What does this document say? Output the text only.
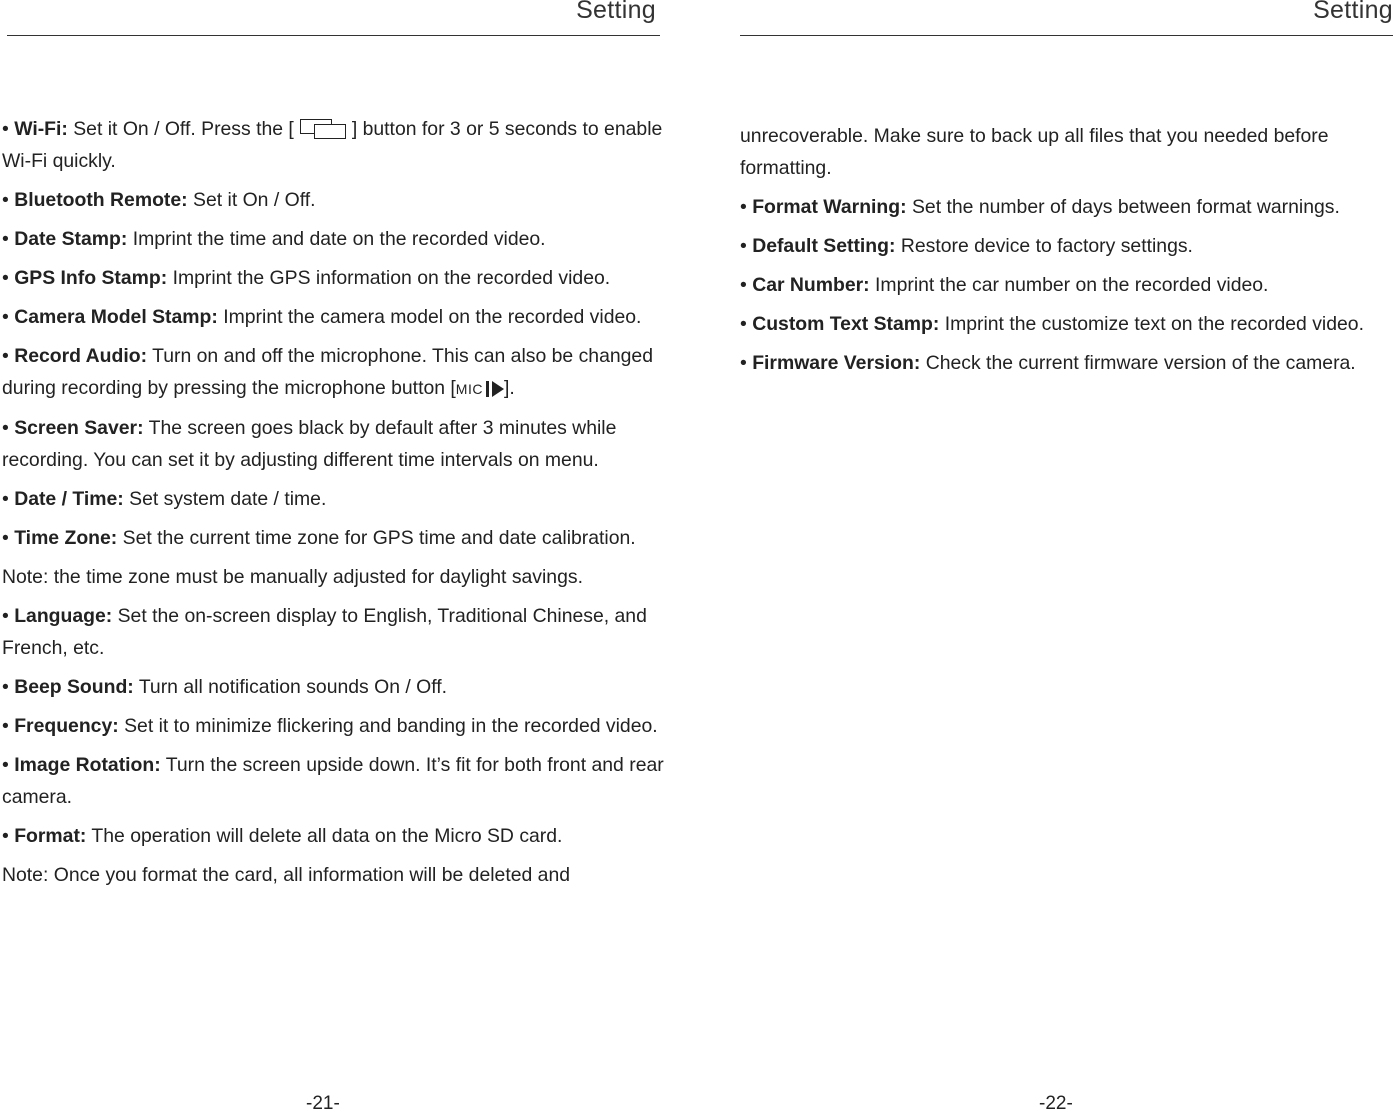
Setting

• Wi-Fi: Set it On / Off. Press the [	] button for 3 or 5 seconds to enable Wi-Fi quickly.

• Bluetooth Remote: Set it On / Off.

• Date Stamp: Imprint the time and date on the recorded video.

• GPS Info Stamp: Imprint the GPS information on the recorded video.

• Camera Model Stamp: Imprint the camera model on the recorded video.

• Record Audio: Turn on and off the microphone. This can also be changed during recording by pressing the microphone button [ MIC ].

• Screen Saver: The screen goes black by default after 3 minutes while recording. You can set it by adjusting different time intervals on menu.

• Date / Time: Set system date / time.

• Time Zone: Set the current time zone for GPS time and date calibration.

Note: the time zone must be manually adjusted for daylight savings.

• Language: Set the on-screen display to English, Traditional Chinese, and French, etc.

• Beep Sound: Turn all notification sounds On / Off.

• Frequency: Set it to minimize flickering and banding in the recorded video.

• Image Rotation: Turn the screen upside down. It’s fit for both front and rear camera.

• Format: The operation will delete all data on the Micro SD card.

Note: Once you format the card, all information will be deleted and

-21-
Setting

unrecoverable. Make sure to back up all files that you needed before formatting.

• Format Warning: Set the number of days between format warnings.

• Default Setting: Restore device to factory settings.

• Car Number: Imprint the car number on the recorded video.

• Custom Text Stamp: Imprint the customize text on the recorded video.

• Firmware Version: Check the current firmware version of the camera.

-22-
